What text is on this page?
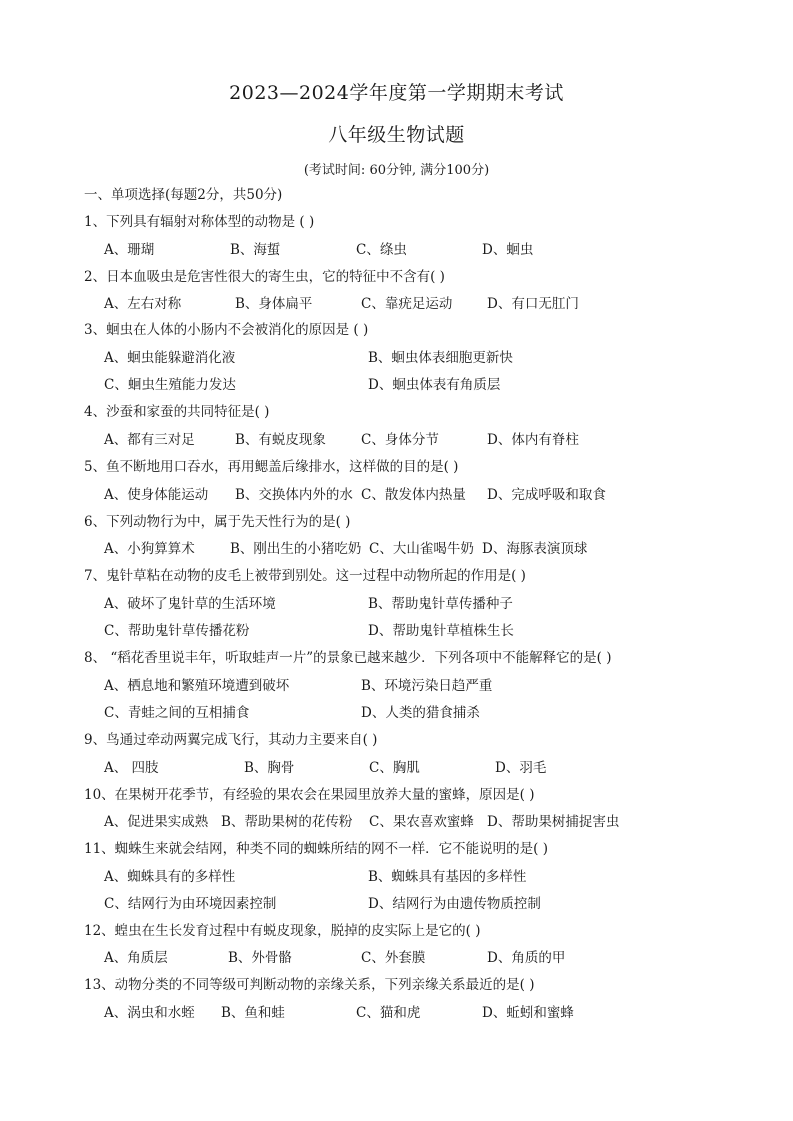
2023—2024学年度第一学期期末考试
八年级生物试题
(考试时间: 60分钟, 满分100分)
一、单项选择(每题2分，共50分)
1、下列具有辐射对称体型的动物是 ( )
A、珊瑚	B、海蜇	C、绦虫	D、蛔虫
2、日本血吸虫是危害性很大的寄生虫，它的特征中不含有( )
A、左右对称	B、身体扁平	C、靠疣足运动	D、有口无肛门
3、蛔虫在人体的小肠内不会被消化的原因是 ( )
A、蛔虫能躲避消化液	B、蛔虫体表细胞更新快
C、蛔虫生殖能力发达	D、蛔虫体表有角质层
4、沙蚕和家蚕的共同特征是( )
A、都有三对足	B、有蜕皮现象	C、身体分节	D、体内有脊柱
5、鱼不断地用口吞水，再用鳃盖后缘排水，这样做的目的是( )
A、使身体能运动 B、交换体内外的水 C、散发体内热量 D、完成呼吸和取食
6、下列动物行为中，属于先天性行为的是( )
A、小狗算算术	B、刚出生的小猪吃奶 C、大山雀喝牛奶 D、海豚表演顶球
7、鬼针草粘在动物的皮毛上被带到别处。这一过程中动物所起的作用是( )
A、破坏了鬼针草的生活环境	B、帮助鬼针草传播种子
C、帮助鬼针草传播花粉	D、帮助鬼针草植株生长
8、 “稻花香里说丰年，听取蛙声一片”的景象已越来越少．下列各项中不能解释它的是( )
A、栖息地和繁殖环境遭到破坏	B、环境污染日趋严重
C、青蛙之间的互相捕食	D、人类的猎食捕杀
9、鸟通过牵动两翼完成飞行，其动力主要来自( )
A、 四肢	B、胸骨	C、胸肌	D、羽毛
10、在果树开花季节，有经验的果农会在果园里放养大量的蜜蜂，原因是( )
A、促进果实成熟 B、帮助果树的花传粉 C、果农喜欢蜜蜂 D、帮助果树捕捉害虫
11、蜘蛛生来就会结网，种类不同的蜘蛛所结的网不一样．它不能说明的是( )
A、蜘蛛具有的多样性	B、蜘蛛具有基因的多样性
C、结网行为由环境因素控制	D、结网行为由遗传物质控制
12、蝗虫在生长发育过程中有蜕皮现象，脱掉的皮实际上是它的( )
A、角质层	B、外骨骼	C、外套膜	D、角质的甲
13、动物分类的不同等级可判断动物的亲缘关系，下列亲缘关系最近的是( )
A、涡虫和水蛭 B、鱼和蛙	C、猫和虎	D、蚯蚓和蜜蜂
